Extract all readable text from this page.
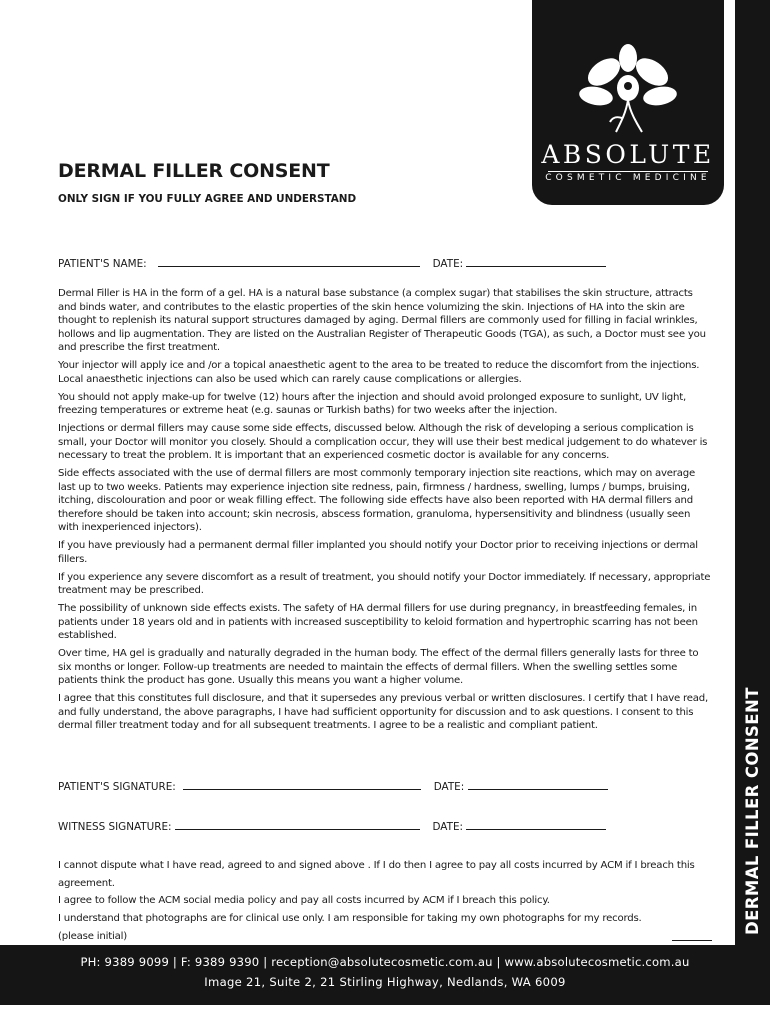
ABSOLUTE
COSMETIC MEDICINE
DERMAL FILLER CONSENT
DERMAL FILLER CONSENT
ONLY SIGN IF YOU FULLY AGREE AND UNDERSTAND
PATIENT'S NAME:	DATE:

Dermal Filler is HA in the form of a gel. HA is a natural base substance (a complex sugar) that stabilises the skin structure, attracts and binds water, and contributes to the elastic properties of the skin hence volumizing the skin. Injections of HA into the skin are thought to replenish its natural support structures damaged by aging. Dermal fillers are commonly used for filling in facial wrinkles, hollows and lip augmentation. They are listed on the Australian Register of Therapeutic Goods (TGA), as such, a Doctor must see you and prescribe the first treatment.

Your injector will apply ice and /or a topical anaesthetic agent to the area to be treated to reduce the discomfort from the injections. Local anaesthetic injections can also be used which can rarely cause complications or allergies.

You should not apply make-up for twelve (12) hours after the injection and should avoid prolonged exposure to sunlight, UV light, freezing temperatures or extreme heat (e.g. saunas or Turkish baths) for two weeks after the injection.

Injections or dermal fillers may cause some side effects, discussed below. Although the risk of developing a serious complication is small, your Doctor will monitor you closely. Should a complication occur, they will use their best medical judgement to do whatever is necessary to treat the problem. It is important that an experienced cosmetic doctor is available for any concerns.

Side effects associated with the use of dermal fillers are most commonly temporary injection site reactions, which may on average last up to two weeks. Patients may experience injection site redness, pain, firmness / hardness, swelling, lumps / bumps, bruising, itching, discolouration and poor or weak filling effect. The following side effects have also been reported with HA dermal fillers and therefore should be taken into account; skin necrosis, abscess formation, granuloma, hypersensitivity and blindness (usually seen with inexperienced injectors).

If you have previously had a permanent dermal filler implanted you should notify your Doctor prior to receiving injections or dermal fillers.

If you experience any severe discomfort as a result of treatment, you should notify your Doctor immediately. If necessary, appropriate treatment may be prescribed.

The possibility of unknown side effects exists. The safety of HA dermal fillers for use during pregnancy, in breastfeeding females, in patients under 18 years old and in patients with increased susceptibility to keloid formation and hypertrophic scarring has not been established.

Over time, HA gel is gradually and naturally degraded in the human body. The effect of the dermal fillers generally lasts for three to six months or longer. Follow-up treatments are needed to maintain the effects of dermal fillers. When the swelling settles some patients think the product has gone. Usually this means you want a higher volume.

I agree that this constitutes full disclosure, and that it supersedes any previous verbal or written disclosures. I certify that I have read, and fully understand, the above paragraphs, I have had sufficient opportunity for discussion and to ask questions. I consent to this dermal filler treatment today and for all subsequent treatments. I agree to be a realistic and compliant patient.

PATIENT'S SIGNATURE:	DATE:
WITNESS SIGNATURE:	DATE:

I cannot dispute what I have read, agreed to and signed above . If I do then I agree to pay all costs incurred by ACM if I breach this agreement.

I agree to follow the ACM social media policy and pay all costs incurred by ACM if I breach this policy.

I understand that photographs are for clinical use only. I am responsible for taking my own photographs for my records.

(please initial)
PH: 9389 9099 | F: 9389 9390 | reception@absolutecosmetic.com.au | www.absolutecosmetic.com.au
Image 21, Suite 2, 21 Stirling Highway, Nedlands, WA 6009
